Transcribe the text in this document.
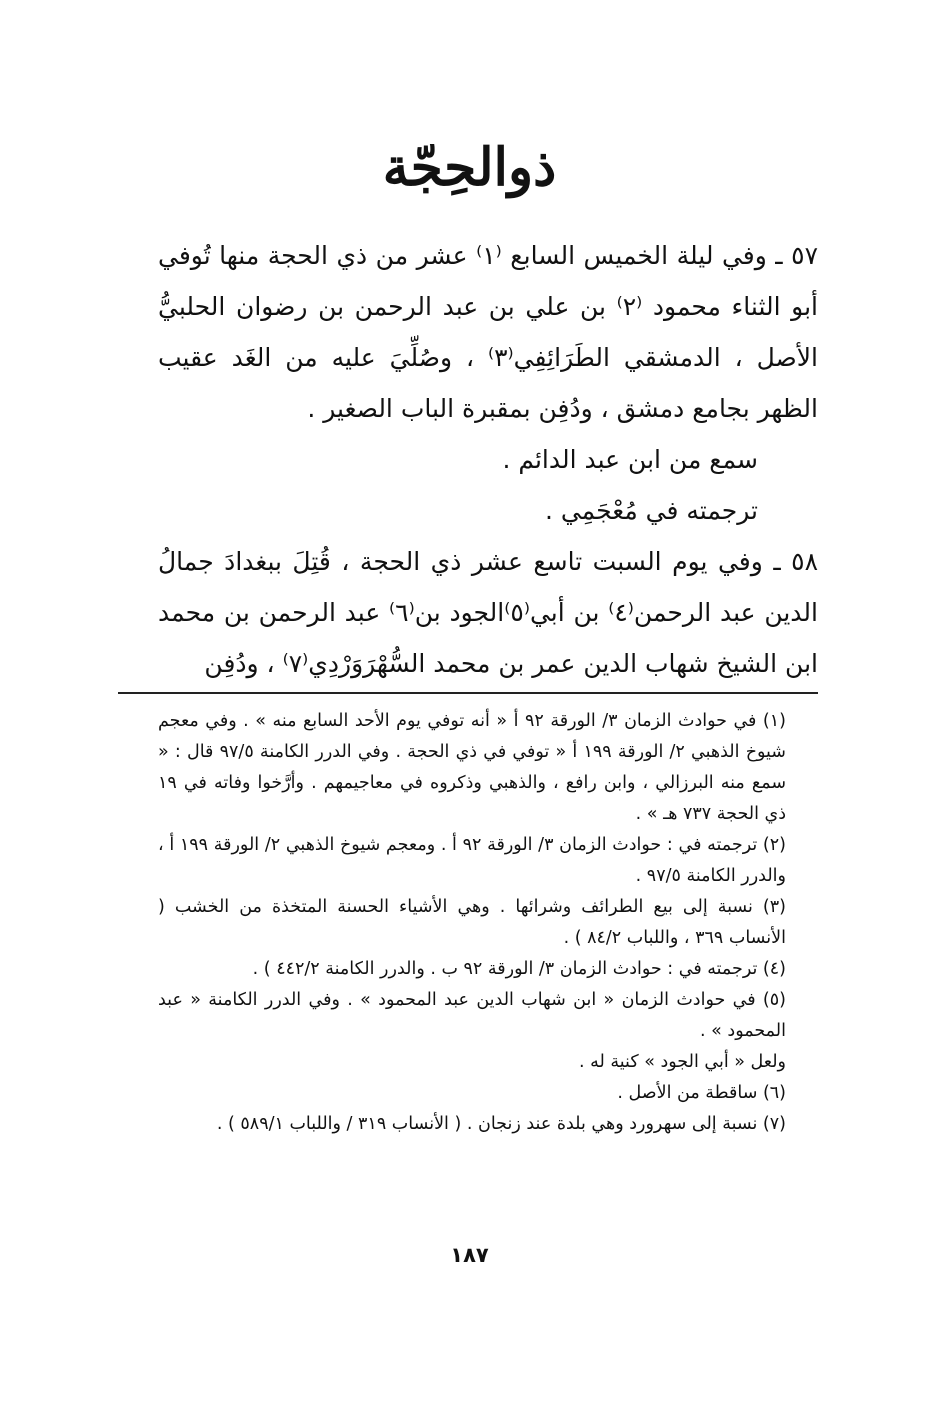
ذوالحِجّة

٥٧ ـ وفي ليلة الخميس السابع ⁽١⁾ عشر من ذي الحجة منها تُوفي أبو الثناء محمود ⁽٢⁾ بن علي بن عبد الرحمن بن رضوان الحلبيُّ الأصل ، الدمشقي الطَرَائِفِي⁽٣⁾ ، وصُلِّيَ عليه من الغَد عقيب الظهر بجامع دمشق ، ودُفِن بمقبرة الباب الصغير .

سمع من ابن عبد الدائم .

ترجمته في مُعْجَمِي .

٥٨ ـ وفي يوم السبت تاسع عشر ذي الحجة ، قُتِلَ ببغدادَ جمالُ الدين عبد الرحمن⁽٤⁾ بن أبي⁽٥⁾الجود بن⁽٦⁾ عبد الرحمن بن محمد ابن الشيخ شهاب الدين عمر بن محمد السُّهْرَوَرْدِي⁽٧⁾ ، ودُفِن

(١) في حوادث الزمان ٣/ الورقة ٩٢ أ « أنه توفي يوم الأحد السابع منه » . وفي معجم شيوخ الذهبي ٢/ الورقة ١٩٩ أ « توفي في ذي الحجة . وفي الدرر الكامنة ٩٧/٥ قال : « سمع منه البرزالي ، وابن رافع ، والذهبي وذكروه في معاجيمهم . وأرَّخوا وفاته في ١٩ ذي الحجة ٧٣٧ هـ » .

(٢) ترجمته في : حوادث الزمان ٣/ الورقة ٩٢ أ . ومعجم شيوخ الذهبي ٢/ الورقة ١٩٩ أ ، والدرر الكامنة ٩٧/٥ .

(٣) نسبة إلى بيع الطرائف وشرائها . وهي الأشياء الحسنة المتخذة من الخشب ( الأنساب ٣٦٩ ، واللباب ٨٤/٢ ) .

(٤) ترجمته في : حوادث الزمان ٣/ الورقة ٩٢ ب . والدرر الكامنة ٤٤٢/٢ ) .

(٥) في حوادث الزمان « ابن شهاب الدين عبد المحمود » . وفي الدرر الكامنة « عبد المحمود » .

ولعل « أبي الجود » كنية له .

(٦) ساقطة من الأصل .

(٧) نسبة إلى سهرورد وهي بلدة عند زنجان . ( الأنساب ٣١٩ / واللباب ٥٨٩/١ ) .

١٨٧
